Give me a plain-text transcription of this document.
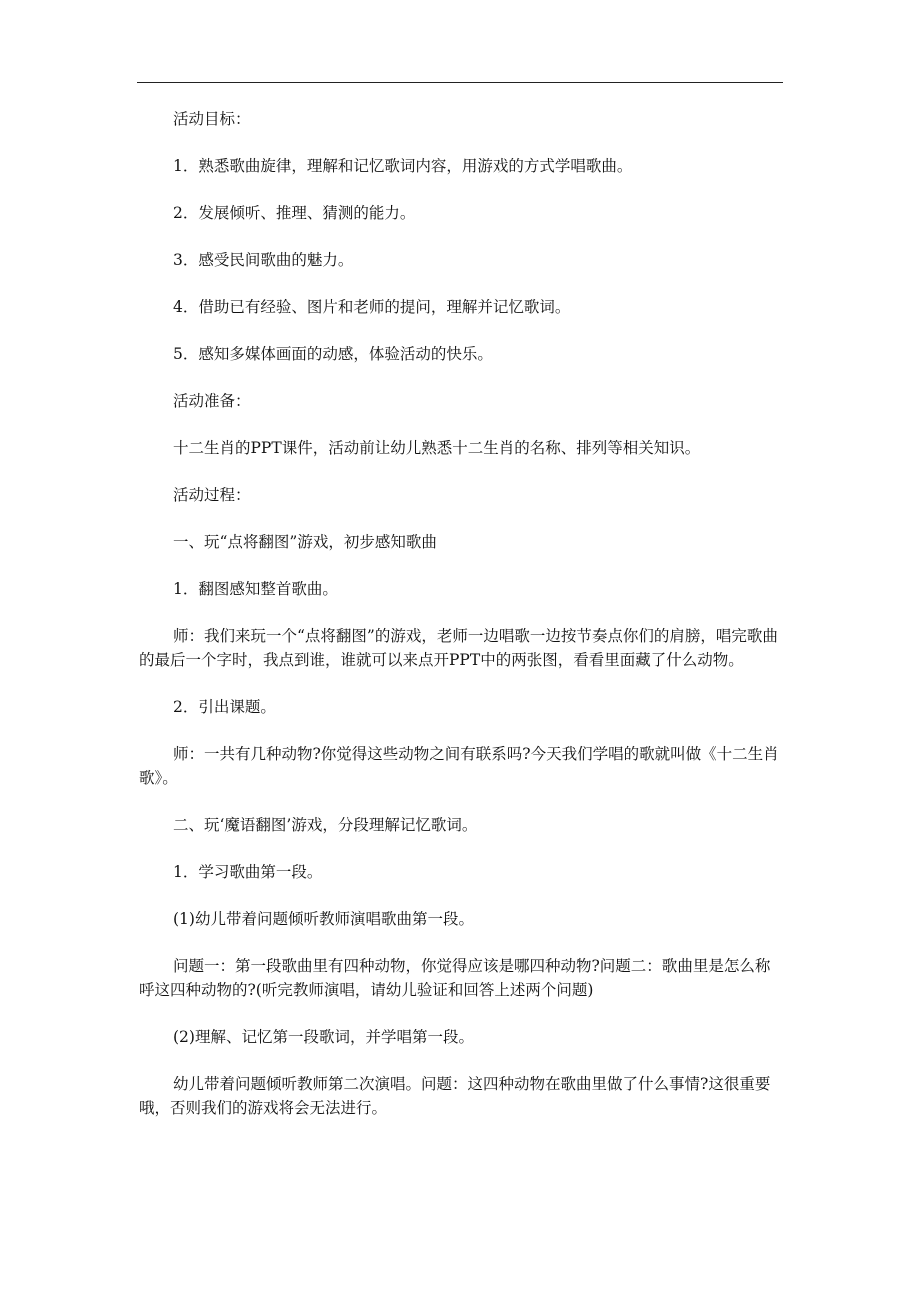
活动目标：

1．熟悉歌曲旋律，理解和记忆歌词内容，用游戏的方式学唱歌曲。

2．发展倾听、推理、猜测的能力。

3．感受民间歌曲的魅力。

4．借助已有经验、图片和老师的提问，理解并记忆歌词。

5．感知多媒体画面的动感，体验活动的快乐。

活动准备：

十二生肖的PPT课件，活动前让幼儿熟悉十二生肖的名称、排列等相关知识。

活动过程：

一、玩“点将翻图”游戏，初步感知歌曲

1．翻图感知整首歌曲。

师：我们来玩一个“点将翻图”的游戏，老师一边唱歌一边按节奏点你们的肩膀，唱完歌曲的最后一个字时，我点到谁，谁就可以来点开PPT中的两张图，看看里面藏了什么动物。

2．引出课题。

师：一共有几种动物?你觉得这些动物之间有联系吗?今天我们学唱的歌就叫做《十二生肖歌》。

二、玩‘魔语翻图’游戏，分段理解记忆歌词。

1．学习歌曲第一段。

(1)幼儿带着问题倾听教师演唱歌曲第一段。

问题一：第一段歌曲里有四种动物，你觉得应该是哪四种动物?问题二：歌曲里是怎么称呼这四种动物的?(听完教师演唱，请幼儿验证和回答上述两个问题)

(2)理解、记忆第一段歌词，并学唱第一段。

幼儿带着问题倾听教师第二次演唱。问题：这四种动物在歌曲里做了什么事情?这很重要哦，否则我们的游戏将会无法进行。
